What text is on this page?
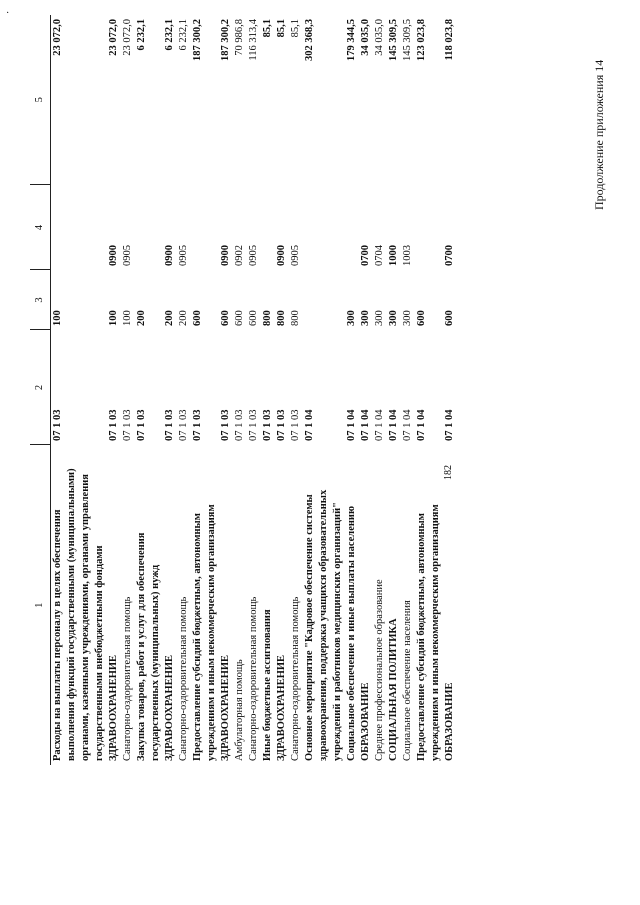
·
182
Продолжение приложения 14
1	2	3	4	5
Расходы на выплаты персоналу в целях обеспечения выполнения функций государственными (муниципальными) органами, казенными учреждениями, органами управления государственными внебюджетными фондами	07 1 03	100		23 072,0
ЗДРАВООХРАНЕНИЕ	07 1 03	100	0900	23 072,0
Санаторно-оздоровительная помощь	07 1 03	100	0905	23 072,0
Закупка товаров, работ и услуг для обеспечения государственных (муниципальных) нужд	07 1 03	200		6 232,1
ЗДРАВООХРАНЕНИЕ	07 1 03	200	0900	6 232,1
Санаторно-оздоровительная помощь	07 1 03	200	0905	6 232,1
Предоставление субсидий бюджетным, автономным учреждениям и иным некоммерческим организациям	07 1 03	600		187 300,2
ЗДРАВООХРАНЕНИЕ	07 1 03	600	0900	187 300,2
Амбулаторная помощь	07 1 03	600	0902	70 986,8
Санаторно-оздоровительная помощь	07 1 03	600	0905	116 313,4
Иные бюджетные ассигнования	07 1 03	800		85,1
ЗДРАВООХРАНЕНИЕ	07 1 03	800	0900	85,1
Санаторно-оздоровительная помощь	07 1 03	800	0905	85,1
Основное мероприятие "Кадровое обеспечение системы здравоохранения, поддержка учащихся образовательных учреждений и работников медицинских организаций"	07 1 04			302 368,3
Социальное обеспечение и иные выплаты населению	07 1 04	300		179 344,5
ОБРАЗОВАНИЕ	07 1 04	300	0700	34 035,0
Среднее профессиональное образование	07 1 04	300	0704	34 035,0
СОЦИАЛЬНАЯ ПОЛИТИКА	07 1 04	300	1000	145 309,5
Социальное обеспечение населения	07 1 04	300	1003	145 309,5
Предоставление субсидий бюджетным, автономным учреждениям и иным некоммерческим организациям	07 1 04	600		123 023,8
ОБРАЗОВАНИЕ	07 1 04	600	0700	118 023,8
